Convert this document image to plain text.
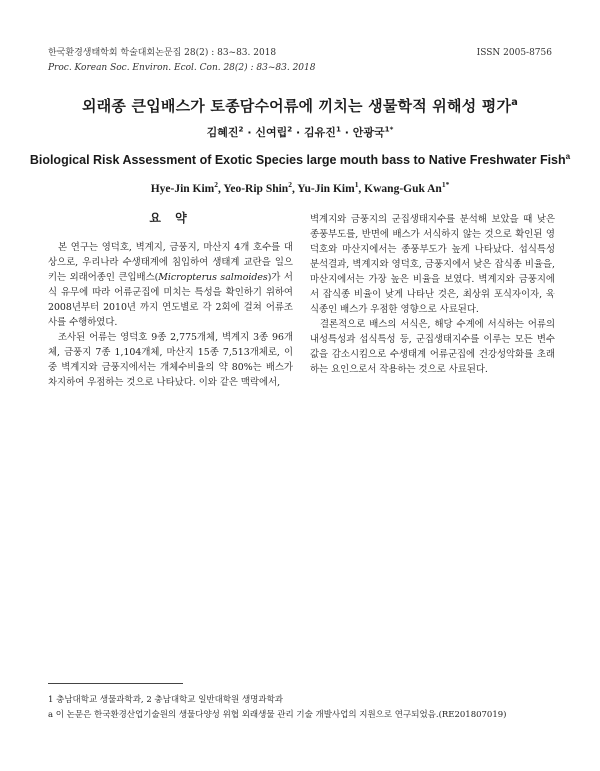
한국환경생태학회 학술대회논문집 28(2) : 83~83. 2018
Proc. Korean Soc. Environ. Ecol. Con. 28(2) : 83~83. 2018
ISSN 2005-8756
외래종 큰입배스가 토종담수어류에 끼치는 생물학적 위해성 평가$^a$
김혜진$^2$ · 신여립$^2$ · 김유진$^1$ · 안광국$^{1*}$
Biological Risk Assessment of Exotic Species large mouth bass to Native Freshwater Fish$^a$
Hye-Jin Kim$^2$, Yeo-Rip Shin$^2$, Yu-Jin Kim$^1$, Kwang-Guk $An^{1*}$
요 약

본 연구는 영덕호, 벽계지, 금풍지, 마산지 4개 호수를 대상으로, 우리나라 수생태계에 침입하여 생태계 교란을 일으키는 외래어종인 큰입배스(Micropterus salmoides)가 서식 유무에 따라 어류군집에 미치는 특성을 확인하기 위하여 2008년부터 2010년 까지 연도별로 각 2회에 걸쳐 어류조사를 수행하였다.

조사된 어류는 영덕호 9종 2,775개체, 벽계지 3종 96개체, 금풍지 7종 1,104개체, 마산지 15종 7,513개체로, 이 중 벽계지와 금풍지에서는 개체수비율의 약 80%는 배스가 차지하여 우점하는 것으로 나타났다. 이와 같은 맥락에서,

벽계지와 금풍지의 군집생태지수를 분석해 보았을 때 낮은 종풍부도를, 반면에 배스가 서식하지 않는 것으로 확인된 영덕호와 마산지에서는 종풍부도가 높게 나타났다. 섭식특성 분석결과, 벽계지와 영덕호, 금풍지에서 낮은 잡식종 비율을, 마산지에서는 가장 높은 비율을 보였다. 벽계지와 금풍지에서 잡식종 비율이 낮게 나타난 것은, 최상위 포식자이자, 육식종인 배스가 우점한 영향으로 사료된다.

결론적으로 배스의 서식은, 해당 수계에 서식하는 어류의 내성특성과 섭식특성 등, 군집생태지수를 이루는 모든 변수값을 감소시킴으로 수생태계 어류군집에 건강성악화를 초래하는 요인으로서 작용하는 것으로 사료된다.

1 충남대학교 생물과학과, 2 충남대학교 일반대학원 생명과학과
a 이 논문은 한국환경산업기술원의 생물다양성 위협 외래생물 관리 기술 개발사업의 지원으로 연구되었음.(RE201807019)
